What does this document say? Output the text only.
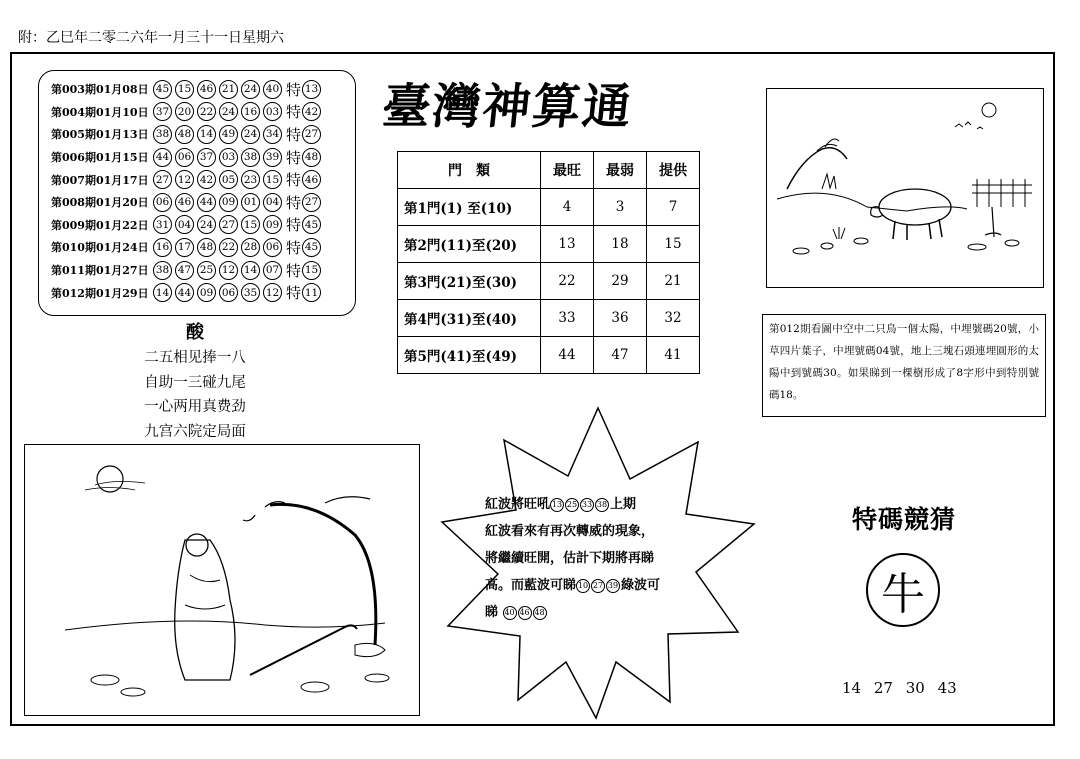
附：乙巳年二零二六年一月三十一日星期六
第003期01月08日 45 15 46 21 24 40 特 13
第004期01月10日 37 20 22 24 16 03 特 42
第005期01月13日 38 48 14 49 24 34 特 27
第006期01月15日 44 06 37 03 38 39 特 48
第007期01月17日 27 12 42 05 23 15 特 46
第008期01月20日 06 46 44 09 01 04 特 27
第009期01月22日 31 04 24 27 15 09 特 45
第010期01月24日 16 17 48 22 28 06 特 45
第011期01月27日 38 47 25 12 14 07 特 15
第012期01月29日 14 44 09 06 35 12 特 11
酸
二五相见捧一八
自助一三碰九尾
一心两用真费劲
九宫六院定局面
臺灣神算通
門　類	最旺	最弱	提供
第1門(1) 至(10)	4	3	7
第2門(11)至(20)	13	18	15
第3門(21)至(30)	22	29	21
第4門(31)至(40)	33	36	32
第5門(41)至(49)	44	47	41
第012期看圖中空中二只鳥一個太陽，中埋號碼20號，小草四片葉子，中埋號碼04號，地上三塊石頭連埋圓形的太陽中到號碼30。如果睇到一棵樹形成了8字形中到特別號碼18。
紅波將旺吼 13 25 33 38 上期
紅波看來有再次轉威的現象，
將繼續旺開，估計下期將再睇
高。而藍波可睇 10 27 39 綠波可
睇 40 46 48
特碼競猜
牛
14 27 30 43
